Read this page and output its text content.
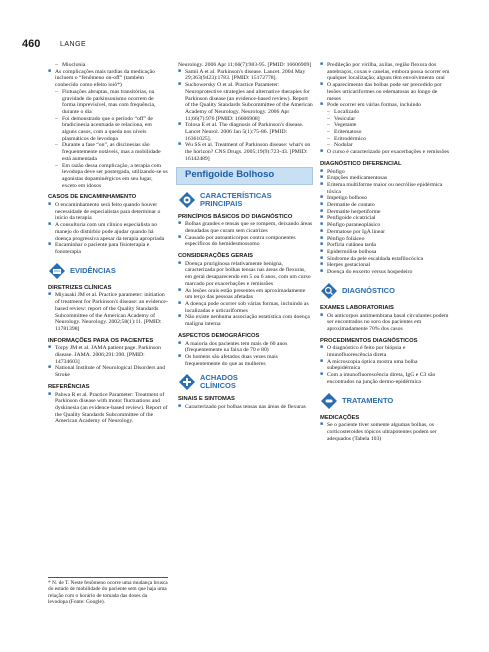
460	LANGE

– Mioclonia

■ As complicações mais tardias da medicação incluem o “fenômeno on-off” (também conhecido como efeito ioiô*)

– Flutuações abruptas, mas transitórias, na gravidade do parkinsonismo ocorrem de forma imprevisível, mas com frequência, durante o dia

– Foi demonstrado que o período “off” de bradicinesia acentuada se relaciona, em alguns casos, com a queda nos níveis plasmáticos de levodopa

– Durante a fase “on”, as discinesias são frequentemente notáveis, mas a mobilidade está aumentada

– Em razão dessa complicação, a terapia com levodopa deve ser postergada, utilizando-se os agonistas dopaminérgicos em seu lugar, exceto em idosos

CASOS DE ENCAMINHAMENTO

■ O encaminhamento será feito quando houver necessidade de especialistas para determinar o início da terapia

■ A consultoria com um clínico especialista no manejo do distúrbio pode ajudar quando há doença progressiva apesar da terapia apropriada

■ Encaminhar o paciente para fisioterapia e fonoterapia

EVIDÊNCIAS
DIRETRIZES CLÍNICAS

■ Miyasaki JM et al. Practice parameter: initiation of treatment for Parkinson's disease: an evidence-based review: report of the Quality Standards Subcommittee of the American Academy of Neurology. Neurology. 2002;58(1):11. [PMID: 11781398]

INFORMAÇÕES PARA OS PACIENTES

■ Torpy JM et al. JAMA patient page. Parkinson disease. JAMA. 2006;291:390. [PMID: 14734603]

■ National Institute of Neurological Disorders and Stroke

REFERÊNCIAS

■ Pahwa R et al. Practice Parameter: Treatment of Parkinson disease with motor fluctuations and dyskinesia (an evidence-based review). Report of the Quality Standards Subcommittee of the American Academy of Neurology.

* N. de T. Neste fenômeno ocorre uma mudança brusca do estado de mobilidade do paciente sem que haja uma relação com o horário de tomada das doses da levodopa (Fonte: Google).

Neurology. 2006 Apr 11;66(7):983-95. [PMID: 16606909]

■ Samii A et al. Parkinson's disease. Lancet. 2004 May 29;363(9423):1783. [PMID: 15172778].

■ Suchowersky O et al. Practice Parameter: Neuroprotective strategies and alternative therapies for Parkinson disease (an evidence-based review). Report of the Quality Standards Subcommittee of the American Academy of Neurology. Neurology. 2006 Apr 11;66(7):976 [PMID: 16606908]

■ Tolosa E et al. The diagnosis of Parkinson's disease. Lancet Neurol. 2006 Jan 5(1):75-86. [PMID: 16361025].

■ Wu SS et al. Treatment of Parkinson disease: what's on the horizon? CNS Drugs. 2005;19(9):723-43. [PMID: 16142489]

Penfigoide Bolhoso
CARACTERÍSTICAS
PRINCIPAIS
PRINCÍPIOS BÁSICOS DO DIAGNÓSTICO

■ Bolhas grandes e tensas que se rompem, deixando áreas denudadas que curam sem cicatrizes

■ Causado por autoanticorpos contra componentes específicos do hemidesmossomo

CONSIDERAÇÕES GERAIS

■ Doença pruriginosa relativamente benigna, caracterizada por bolhas tensas nas áreas de flexuras, em geral desaparecendo em 5 ou 6 anos, com um curso marcado por exacerbações e remissões

■ As lesões orais estão presentes em aproximadamente um terço das pessoas afetadas

■ A doença pode ocorrer sob várias formas, incluindo as localizadas e urticariformes

■ Não existe nenhuma associação estatística com doença maligna interna

ASPECTOS DEMOGRÁFICOS

■ A maioria dos pacientes tem mais de 60 anos (frequentemente na faixa de 70 e 80)

■ Os homens são afetados duas vezes mais frequentemente do que as mulheres

ACHADOS
CLÍNICOS
SINAIS E SINTOMAS

■ Caracterizado por bolhas tensas nas áreas de flexuras

■ Predileção por virilha, axilas, região flexora dos antebraços, coxas e canelas, embora possa ocorrer em qualquer localização; alguns têm envolvimento oral

■ O aparecimento das bolhas pode ser precedido por lesões urticariformes ou edematosas ao longo de meses

■ Pode ocorrer em várias formas, incluindo

– Localizado

– Vesicular

– Vegetante

– Eritematoso

– Eritrodérmico

– Nodular

■ O curso é caracterizado por exacerbações e remissões

DIAGNÓSTICO DIFERENCIAL

■ Pênfigo

■ Erupções medicamentosas

■ Eritema multiforme maior ou necrólise epidérmica tóxica

■ Impetigo bolhoso

■ Dermatite de contato

■ Dermatite herpetiforme

■ Penfigoide cicatricial

■ Pênfigo paraneoplásico

■ Dermatose por IgA linear

■ Pênfigo foliáceo

■ Porfiria cutânea tarda

■ Epidermólise bolhosa

■ Síndrome da pele escaldada estafilocócica

■ Herpes gestacional

■ Doença do enxerto versus hospedeiro

DIAGNÓSTICO
EXAMES LABORATORIAIS

■ Os anticorpos antimembrana basal circulantes podem ser encontrados no soro dos pacientes em aproximadamente 70% dos casos

PROCEDIMENTOS DIAGNÓSTICOS

■ O diagnóstico é feito por biópsia e imunofluorescência direta

■ A microscopia óptica mostra uma bolha subepidérmica

■ Com a imunofluorescência direta, IgG e C3 são encontrados na junção dermo-epidérmica

TRATAMENTO
MEDICAÇÕES

■ Se o paciente tiver somente algumas bolhas, os corticosteroides tópicos ultrapotentes podem ser adequados (Tabela 103)
